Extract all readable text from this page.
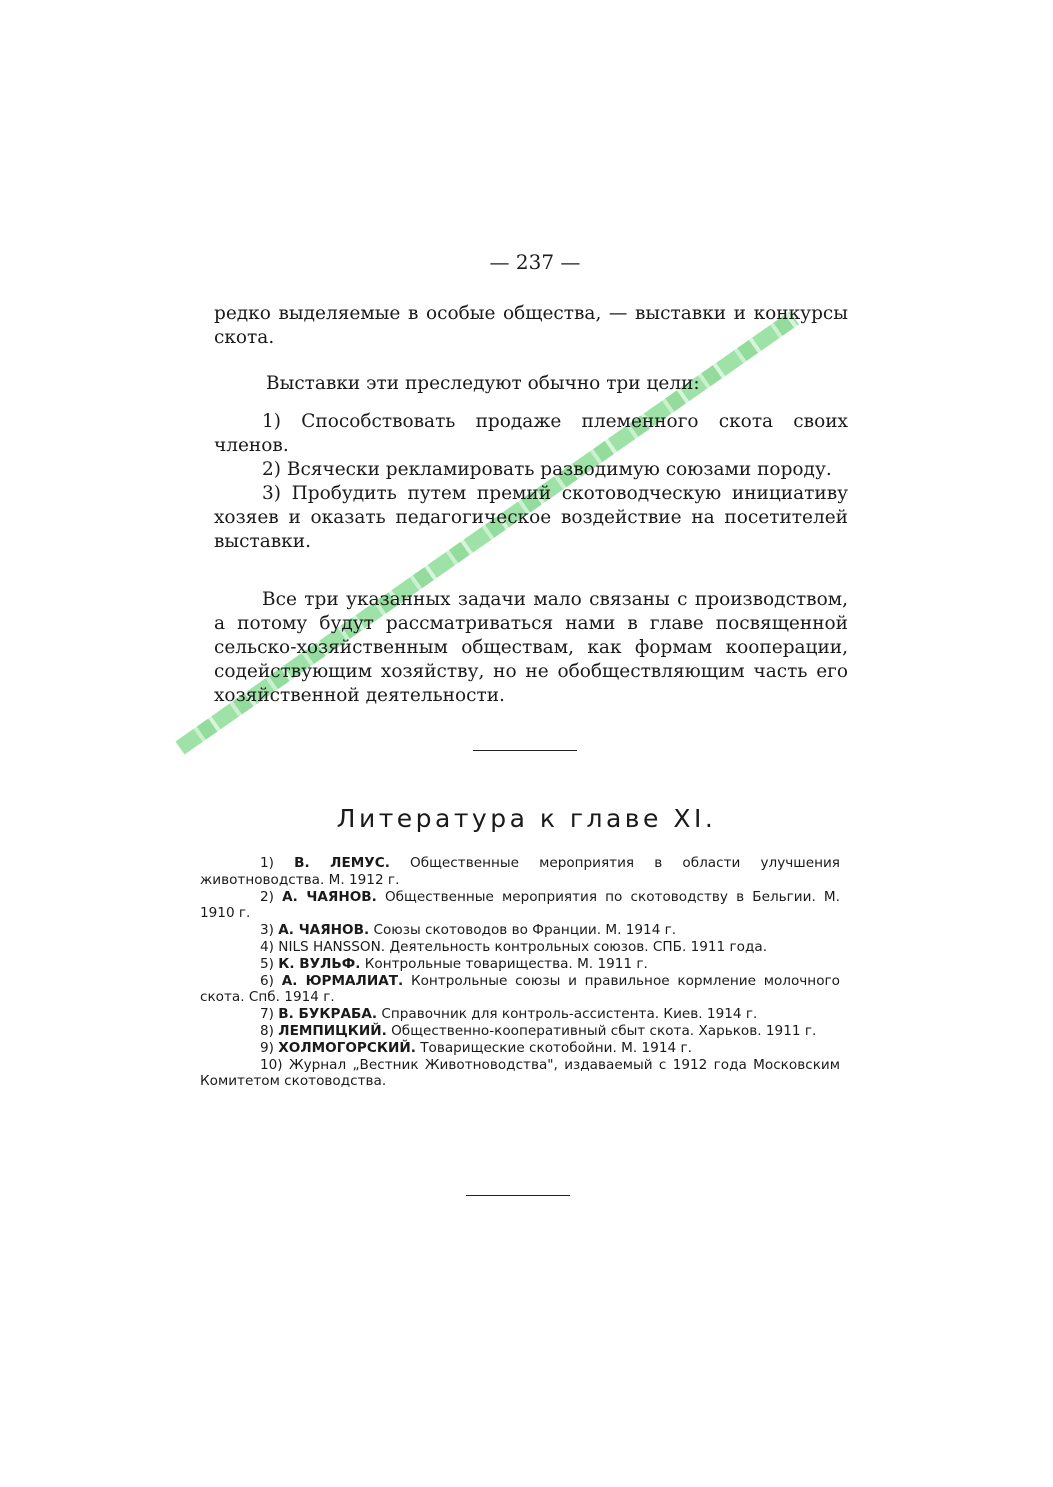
— 237 —

редко выделяемые в особые общества, — выставки и конкурсы скота.

Выставки эти преследуют обычно три цели:

1) Способствовать продаже племенного скота своих членов.

2) Всячески рекламировать разводимую союзами породу.

3) Пробудить путем премий скотоводческую инициативу хозяев и оказать педагогическое воздействие на посетителей выставки.

Все три указанных задачи мало связаны с производством, а потому будут рассматриваться нами в главе посвященной сельско-хозяйственным обществам, как формам кооперации, содействующим хозяйству, но не обобществляющим часть его хозяйственной деятельности.

Литература к главе XI.

1) В. ЛЕМУС. Общественные мероприятия в области улучшения животноводства. М. 1912 г.

2) А. ЧАЯНОВ. Общественные мероприятия по скотоводству в Бельгии. М. 1910 г.

3) А. ЧАЯНОВ. Союзы скотоводов во Франции. М. 1914 г.

4) NILS HANSSON. Деятельность контрольных союзов. СПБ. 1911 года.

5) К. ВУЛЬФ. Контрольные товарищества. М. 1911 г.

6) А. ЮРМАЛИАТ. Контрольные союзы и правильное кормление молочного скота. Спб. 1914 г.

7) В. БУКРАБА. Справочник для контроль-ассистента. Киев. 1914 г.

8) ЛЕМПИЦКИЙ. Общественно-кооперативный сбыт скота. Харьков. 1911 г.

9) ХОЛМОГОРСКИЙ. Товарищеские скотобойни. М. 1914 г.

10) Журнал „Вестник Животноводства", издаваемый с 1912 года Московским Комитетом скотоводства.
